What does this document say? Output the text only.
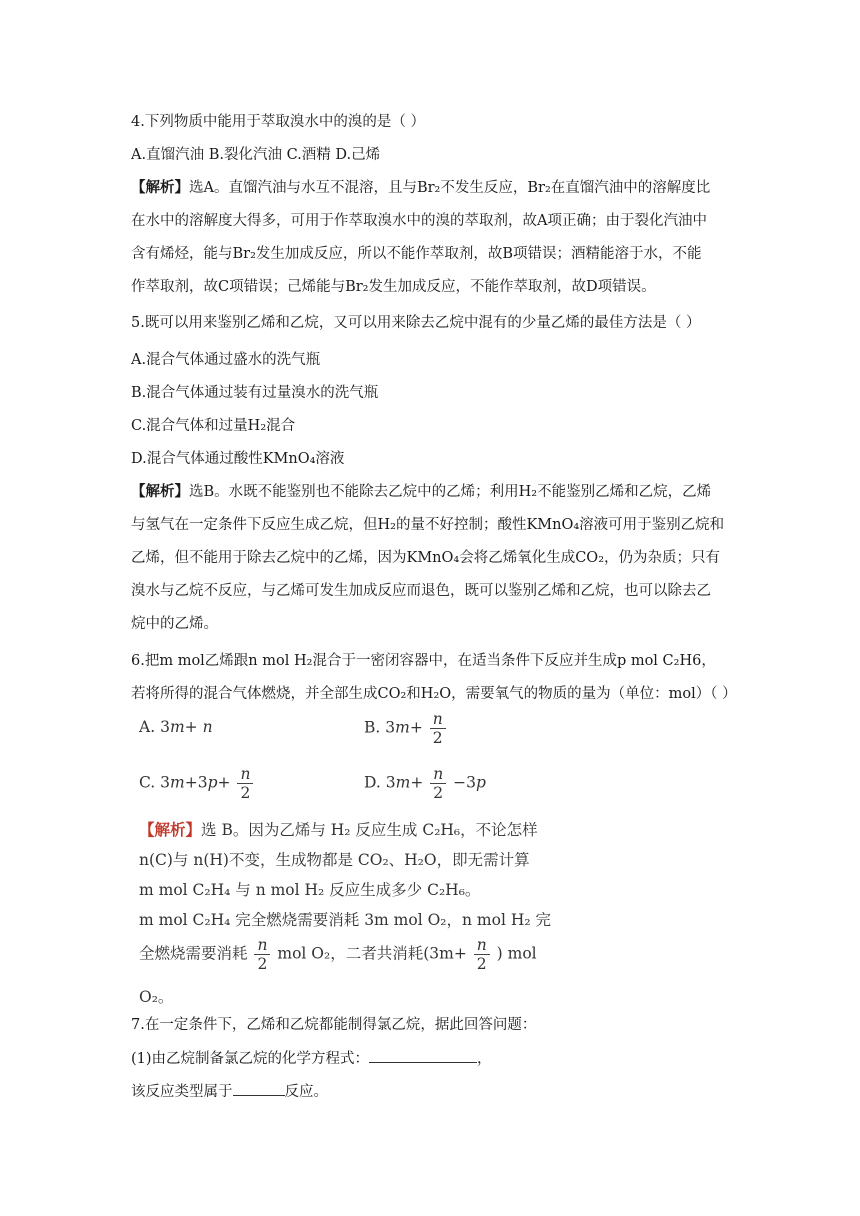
4.下列物质中能用于萃取溴水中的溴的是（ ）
A.直馏汽油 B.裂化汽油 C.酒精 D.己烯
【解析】选A。直馏汽油与水互不混溶，且与Br₂不发生反应，Br₂在直馏汽油中的溶解度比
在水中的溶解度大得多，可用于作萃取溴水中的溴的萃取剂，故A项正确；由于裂化汽油中
含有烯烃，能与Br₂发生加成反应，所以不能作萃取剂，故B项错误；酒精能溶于水，不能
作萃取剂，故C项错误；己烯能与Br₂发生加成反应，不能作萃取剂，故D项错误。
5.既可以用来鉴别乙烯和乙烷，又可以用来除去乙烷中混有的少量乙烯的最佳方法是（ ）
A.混合气体通过盛水的洗气瓶
B.混合气体通过装有过量溴水的洗气瓶
C.混合气体和过量H₂混合
D.混合气体通过酸性KMnO₄溶液
【解析】选B。水既不能鉴别也不能除去乙烷中的乙烯；利用H₂不能鉴别乙烯和乙烷，乙烯
与氢气在一定条件下反应生成乙烷，但H₂的量不好控制；酸性KMnO₄溶液可用于鉴别乙烷和
乙烯，但不能用于除去乙烷中的乙烯，因为KMnO₄会将乙烯氧化生成CO₂，仍为杂质；只有
溴水与乙烷不反应，与乙烯可发生加成反应而退色，既可以鉴别乙烯和乙烷，也可以除去乙
烷中的乙烯。
6.把m mol乙烯跟n mol H₂混合于一密闭容器中，在适当条件下反应并生成p mol C₂H6，
若将所得的混合气体燃烧，并全部生成CO₂和H₂O，需要氧气的物质的量为（单位：mol）（ ）
A. 3m+ n	B. $3m+ \frac{n}{2}$
C. $3m+3p+ \frac{n}{2}$	D. $3m+ \frac{n}{2} -3p$
【解析】选 B。因为乙烯与 H₂ 反应生成 C₂H₆，不论怎样
n(C)与 n(H)不变，生成物都是 CO₂、H₂O，即无需计算
m mol C₂H₄ 与 n mol H₂ 反应生成多少 C₂H₆。
m mol C₂H₄ 完全燃烧需要消耗 3m mol O₂，n mol H₂ 完
全燃烧需要消耗 $\frac{n}{2}$ mol O₂，二者共消耗($3m+ \frac{n}{2}$ ) mol
O₂。
7.在一定条件下，乙烯和乙烷都能制得氯乙烷，据此回答问题：
(1)由乙烷制备氯乙烷的化学方程式：	，
该反应类型属于	反应。
